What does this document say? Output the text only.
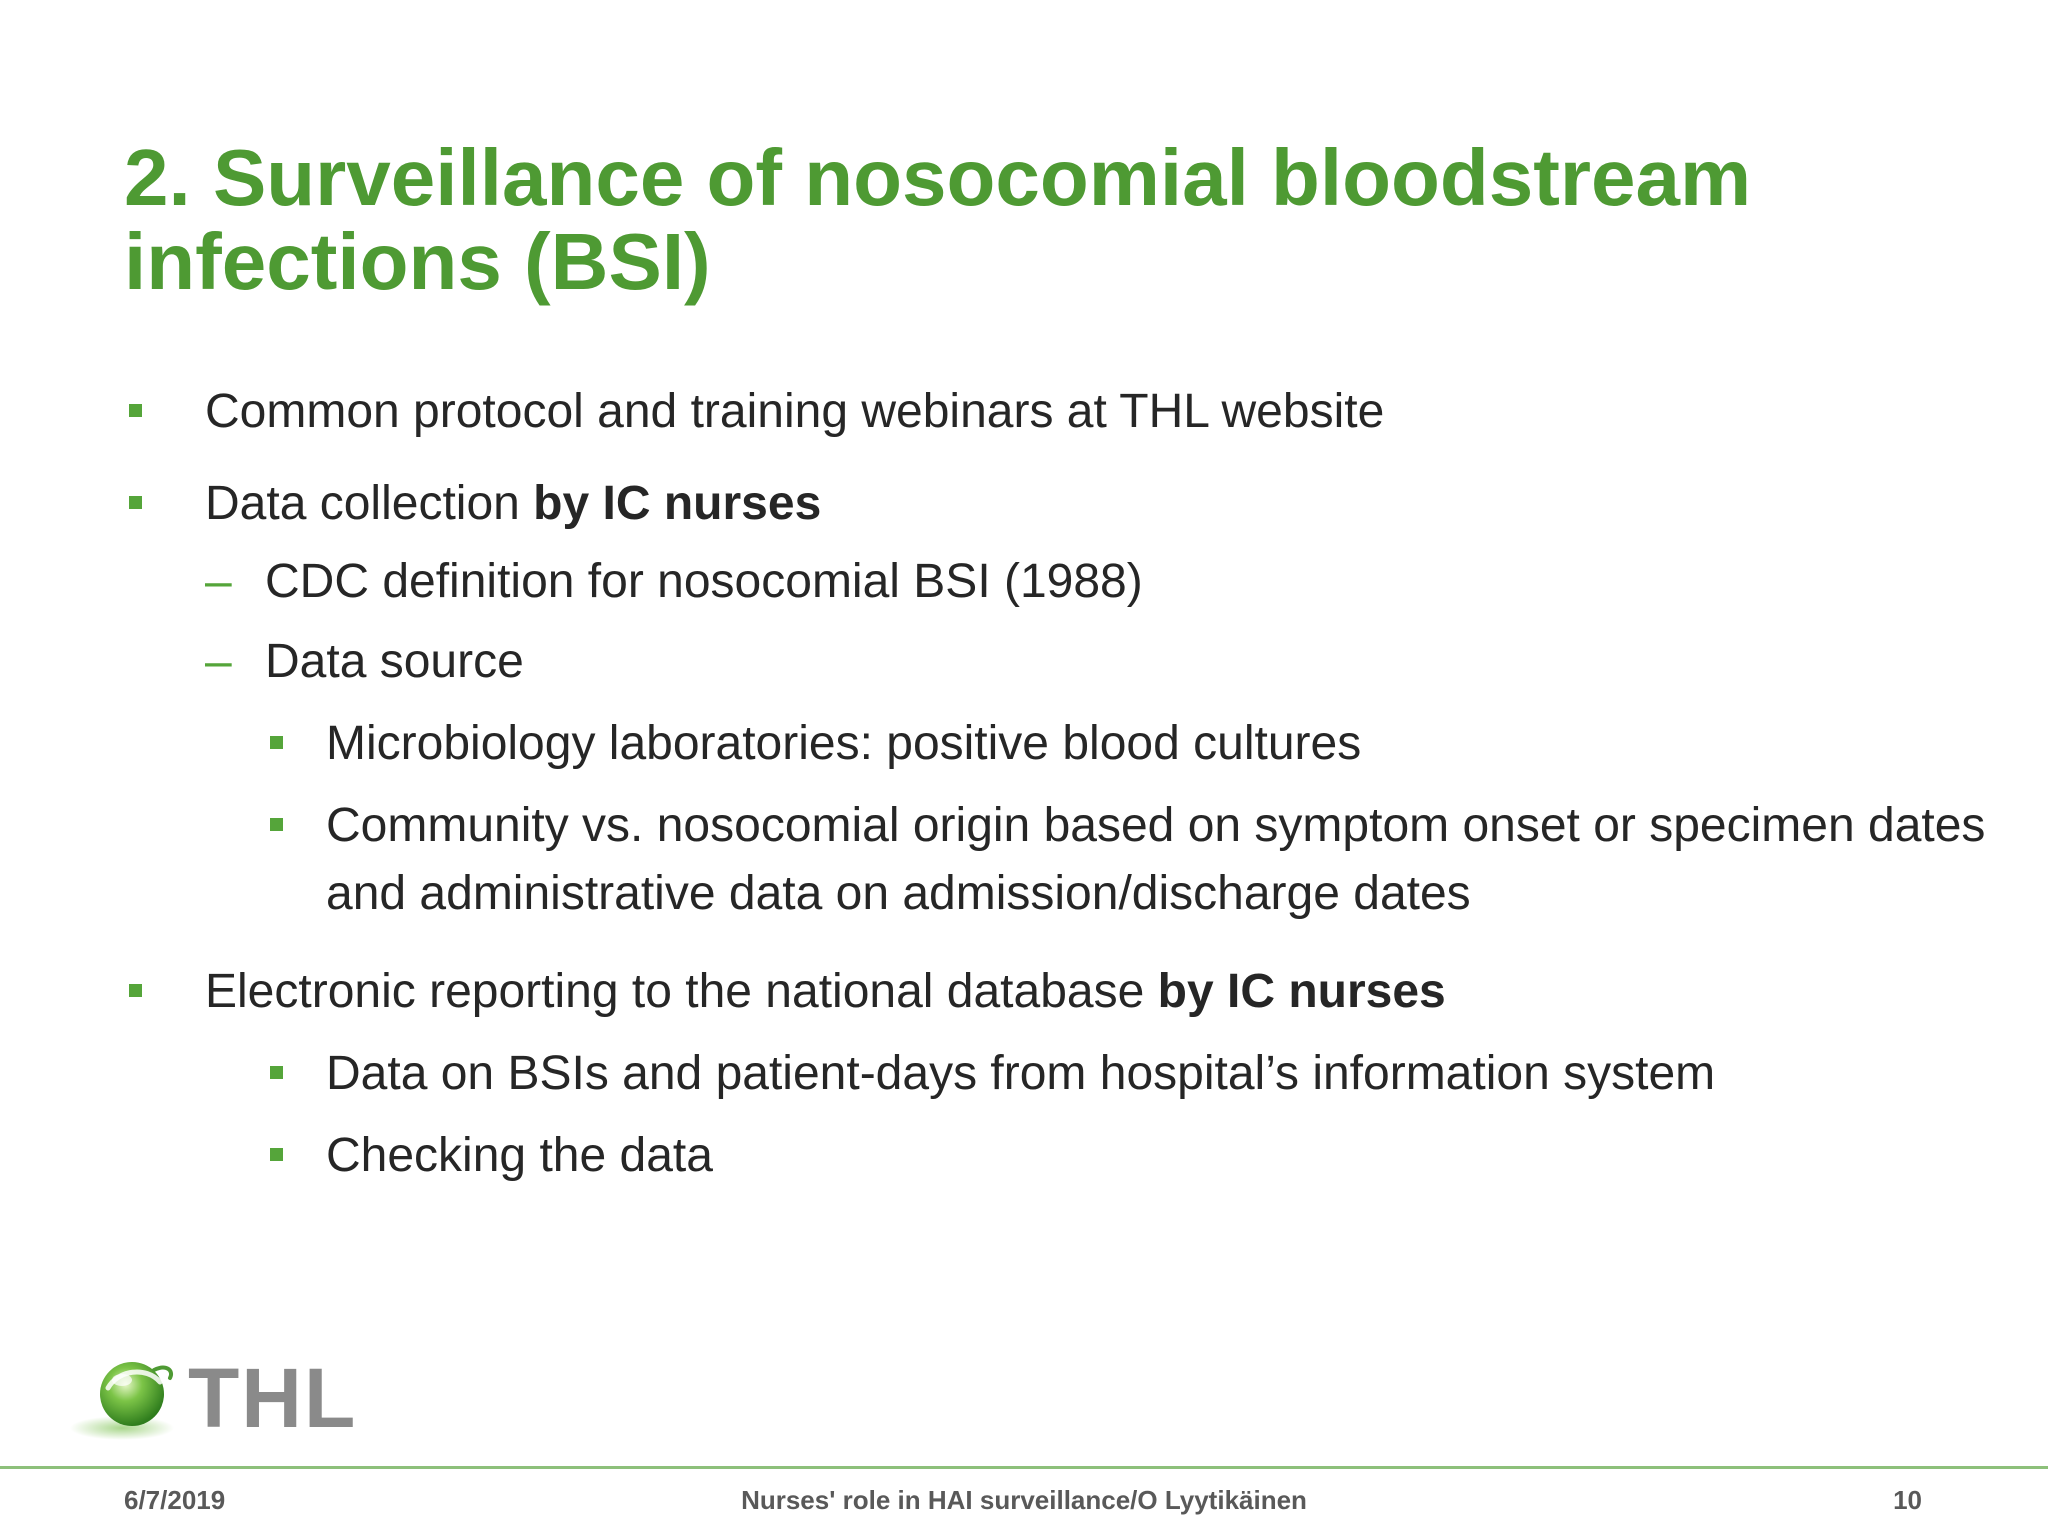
2. Surveillance of nosocomial bloodstream infections (BSI)
Common protocol and training webinars at THL website
Data collection by IC nurses
– CDC definition for nosocomial BSI (1988)
– Data source
Microbiology laboratories: positive blood cultures
Community vs. nosocomial origin based on symptom onset or specimen dates and administrative data on admission/discharge dates
Electronic reporting to the national database by IC nurses
Data on BSIs and patient-days from hospital’s information system
Checking the data
THL
6/7/2019	Nurses' role in HAI surveillance/O Lyytikäinen	10
